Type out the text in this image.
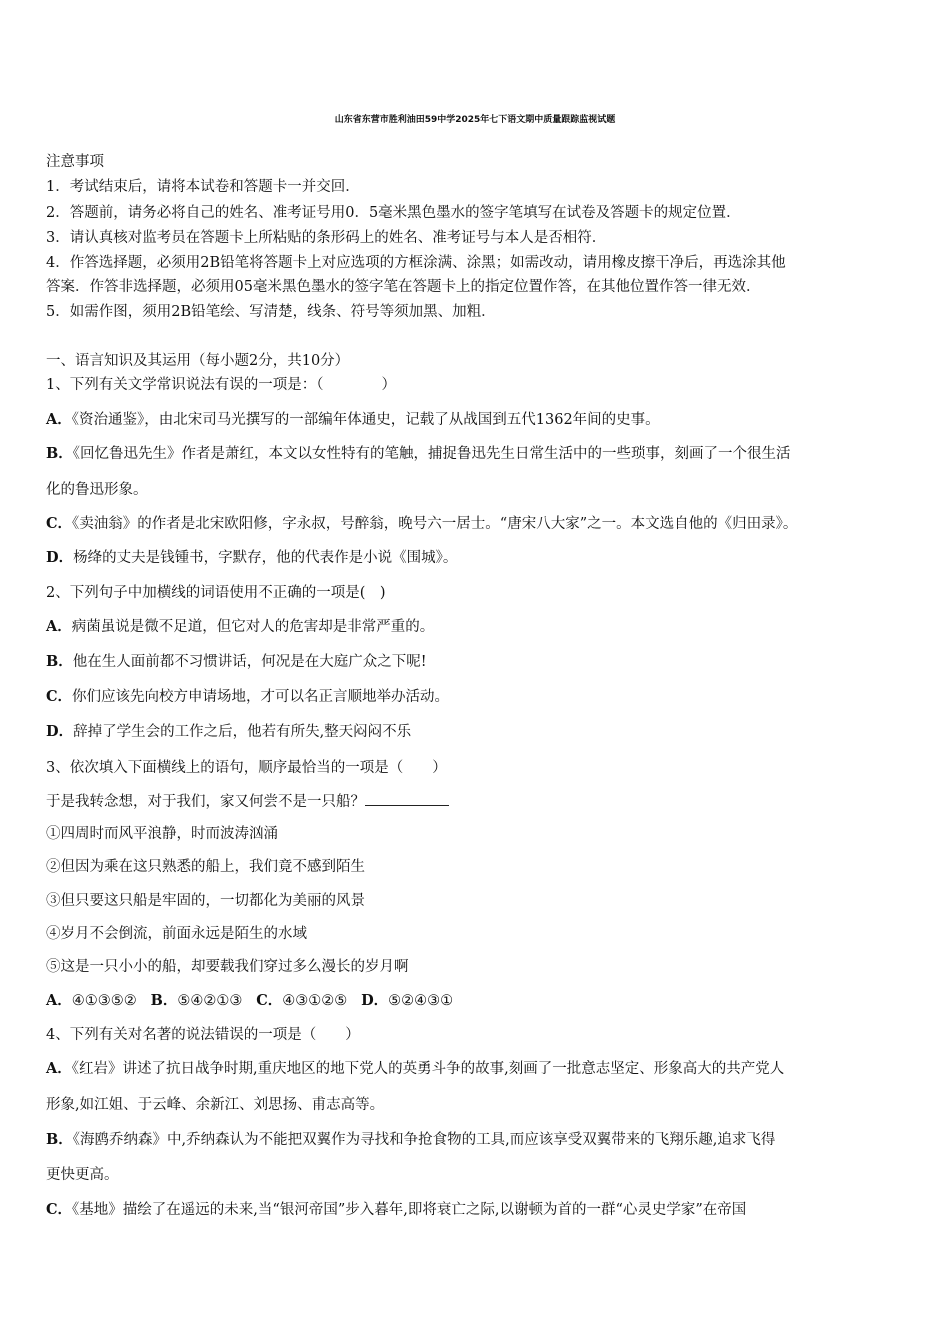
山东省东营市胜利油田59中学2025年七下语文期中质量跟踪监视试题
注意事项
1．考试结束后，请将本试卷和答题卡一并交回．
2．答题前，请务必将自己的姓名、准考证号用0．5毫米黑色墨水的签字笔填写在试卷及答题卡的规定位置．
3．请认真核对监考员在答题卡上所粘贴的条形码上的姓名、准考证号与本人是否相符．
4．作答选择题，必须用2B铅笔将答题卡上对应选项的方框涂满、涂黑；如需改动，请用橡皮擦干净后，再选涂其他
答案．作答非选择题，必须用05毫米黑色墨水的签字笔在答题卡上的指定位置作答，在其他位置作答一律无效．
5．如需作图，须用2B铅笔绘、写清楚，线条、符号等须加黑、加粗．
一、语言知识及其运用（每小题2分，共10分）
1、下列有关文学常识说法有误的一项是：（　　　　）
A．《资治通鉴》，由北宋司马光撰写的一部编年体通史，记载了从战国到五代1362年间的史事。
B．《回忆鲁迅先生》作者是萧红，本文以女性特有的笔触，捕捉鲁迅先生日常生活中的一些琐事，刻画了一个很生活
化的鲁迅形象。
C．《卖油翁》的作者是北宋欧阳修，字永叔，号醉翁，晚号六一居士。“唐宋八大家”之一。本文选自他的《归田录》。
D．杨绛的丈夫是钱锺书，字默存，他的代表作是小说《围城》。
2、下列句子中加横线的词语使用不正确的一项是(　)
A．病菌虽说是微不足道，但它对人的危害却是非常严重的。
B．他在生人面前都不习惯讲话，何况是在大庭广众之下呢!
C．你们应该先向校方申请场地，才可以名正言顺地举办活动。
D．辞掉了学生会的工作之后，他若有所失,整天闷闷不乐
3、依次填入下面横线上的语句，顺序最恰当的一项是（　　）
于是我转念想，对于我们，家又何尝不是一只船？
①四周时而风平浪静，时而波涛汹涌
②但因为乘在这只熟悉的船上，我们竟不感到陌生
③但只要这只船是牢固的，一切都化为美丽的风景
④岁月不会倒流，前面永远是陌生的水域
⑤这是一只小小的船，却要载我们穿过多么漫长的岁月啊
A．④①③⑤② B．⑤④②①③ C．④③①②⑤ D．⑤②④③①
4、下列有关对名著的说法错误的一项是（　　）
A．《红岩》讲述了抗日战争时期,重庆地区的地下党人的英勇斗争的故事,刻画了一批意志坚定、形象高大的共产党人
形象,如江姐、于云峰、余新江、刘思扬、甫志高等。
B．《海鸥乔纳森》中,乔纳森认为不能把双翼作为寻找和争抢食物的工具,而应该享受双翼带来的飞翔乐趣,追求飞得
更快更高。
C．《基地》描绘了在遥远的未来,当“银河帝国”步入暮年,即将衰亡之际,以谢顿为首的一群“心灵史学家”在帝国
